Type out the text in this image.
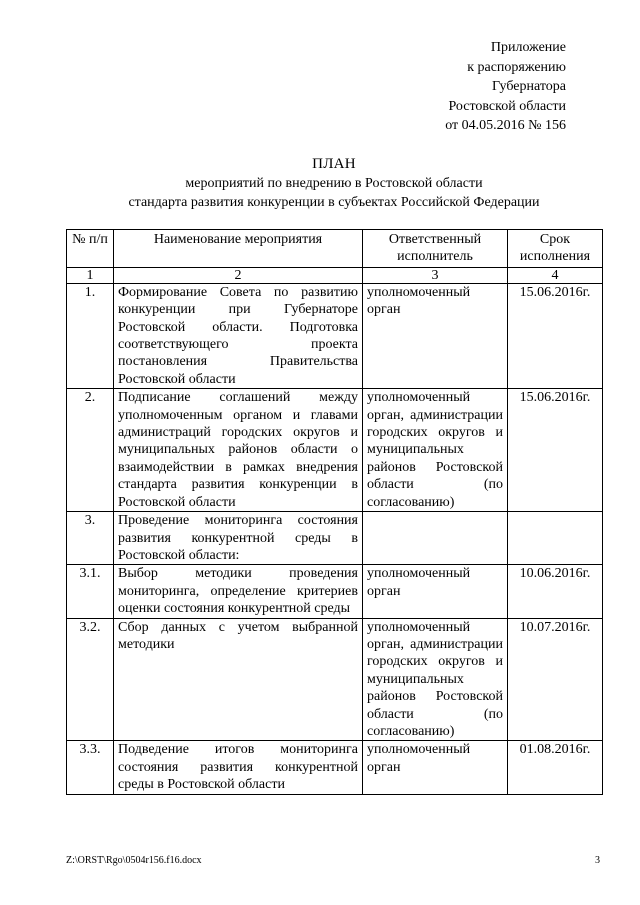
Приложение
к распоряжению
Губернатора
Ростовской области
от 04.05.2016 № 156
ПЛАН
мероприятий по внедрению в Ростовской области
стандарта развития конкуренции в субъектах Российской Федерации
№ п/п	Наименование мероприятия	Ответственный исполнитель	Срок исполнения
1	2	3	4
1.	Формирование Совета по развитию конкуренции при Губернаторе Ростовской области. Подготовка соответствующего проекта постановления Правительства Ростовской области	уполномоченный орган	15.06.2016г.
2.	Подписание соглашений между уполномоченным органом и главами администраций городских округов и муниципальных районов области о взаимодействии в рамках внедрения стандарта развития конкуренции в Ростовской области	уполномоченный орган, администрации городских округов и муниципальных районов Ростовской области (по согласованию)	15.06.2016г.
3.	Проведение мониторинга состояния развития конкурентной среды в Ростовской области:		
3.1.	Выбор методики проведения мониторинга, определение критериев оценки состояния конкурентной среды	уполномоченный орган	10.06.2016г.
3.2.	Сбор данных с учетом выбранной методики	уполномоченный орган, администрации городских округов и муниципальных районов Ростовской области (по согласованию)	10.07.2016г.
3.3.	Подведение итогов мониторинга состояния развития конкурентной среды в Ростовской области	уполномоченный орган	01.08.2016г.
Z:\ORST\Rgo\0504r156.f16.docx	3
